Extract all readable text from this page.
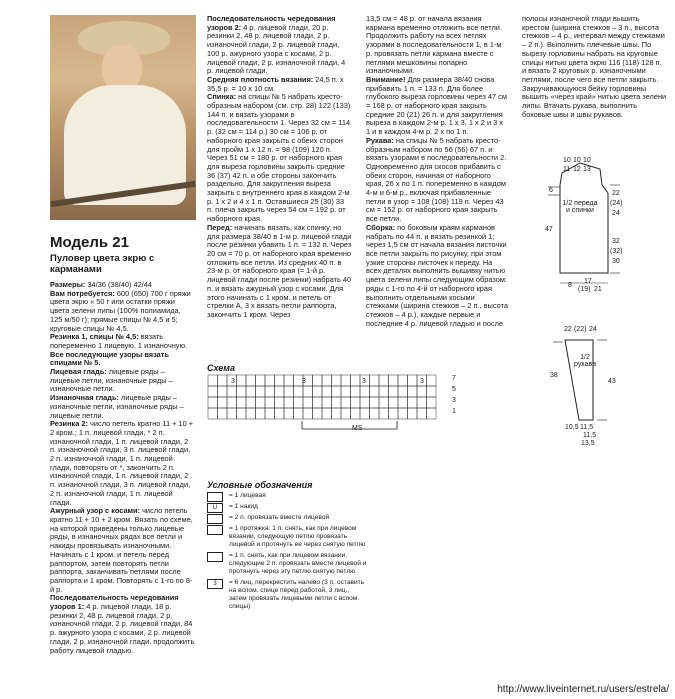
Модель 21
Пуловер цвета экрю с карманами

Размеры: 34/36 (38/40) 42/44

Вам потребуется: 600 (650) 700 г пряжи цвета экрю « 50 г или остатки пряжи цвета зелени липы (100% полиамида, 125 м/50 г); прямые спицы № 4,5 и 5; круговые спицы № 4,5.

Резинка 1, спицы № 4,5: вязать попеременно 1 лицевую, 1 изнаночную.

Все последующие узоры вязать спицами № 5.

Лицевая гладь: лицевые ряды – лицевые петли, изнаночные ряды – изнаночные петли.

Изнаночная гладь: лицевые ряды – изнаночные петли, изнаночные ряды – лицевые петли.

Резинка 2: число петель кратно 11 + 10 + 2 кром.; 1 п. лицевой глади, * 2 п. изнаночной глади, 1 п. лицевой глади, 2 п. изнаночной глади, 3 п. лицевой глади, 2 п. изнаночной глади, 1 п. лицевой глади, повторять от *, закончить 2 п. изнаночной глади, 1 п. лицевой глади, 2 п. изнаночной глади, 3 п. лицевой глади, 2 п. изнаночной глади, 1 п. лицевой глади.

Ажурный узор с косами: число петель кратно 11 + 10 + 2 кром. Вязать по схеме, на которой приведены только лицевые ряды, в изнаночных рядах все петли и накиды провязывать изнаночными. Начинать с 1 кром. и петель перед раппортом, затем повторять петли раппорта, заканчивать петлями после раппорта и 1 кром. Повторять с 1-го по 8-й р.

Последовательность чередования узоров 1: 4 р. лицевой глади, 18 р. резинки 2, 48 р. лицевой глади, 2 р. изнаночной глади, 2 р. лицевой глади, 84 р. ажурного узора с косами, 2 р. лицевой глади, 2 р. изнаночной глади, продолжить работу лицевой гладью.

Последовательность чередования узоров 2: 4 р. лицевой глади, 20 р. резинки 2, 48 р. лицевой глади, 2 р. изнаночной глади, 2 р. лицевой глади, 100 р. ажурного узора с косами, 2 р. лицевой глади, 2 р. изнаночной глади, 4 р. лицевой глади.

Средняя плотность вязания: 24,5 п. x 35,5 р. = 10 x 10 см.

Спинка: на спицы № 5 набрать кресто-образным набором (см. стр. 28) 122 (133) 144 п. и вязать узорами в последовательности 1. Через 32 см = 114 р. (32 см = 114 р.) 30 см = 106 р. от наборного края закрыть с обеих сторон для пройм 1 x 12 п. = 98 (109) 120 п. Через 51 см = 180 р. от наборного края для выреза горловины закрыть средние 36 (37) 42 п. и обе стороны закончить раздельно. Для закругления выреза закрыть с внутреннего края в каждом 2-м р. 1 x 2 и 4 x 1 п. Оставшиеся 25 (30) 33 п. плеча закрыть через 54 см = 192 р. от наборного края.

Перед: начинать вязать, как спинку, но для размера 38/40 в 1-м р. лицевой глади после резинки убавить 1 п. = 132 п. Через 20 см = 70 р. от наборного края временно отложить все петли. Из средних 40 п. в 23-м р. от наборного края (= 1-й р. лицевой глади после резинки) набрать 40 п. и вязать ажурный узор с косами. Для этого начинать с 1 кром. и петель от стрелки А, 3 х вязать петли раппорта, закончить 1 кром. Через

13,5 см = 48 р. от начала вязания кармана временно отложить все петли. Продолжить работу на всех петлях узорами в последовательности 1, в 1-м р. провязать петли кармана вместе с петлями мешковины попарно изнаночными.

Внимание! Для размера 38/40 снова прибавить 1 п. = 133 п. Для более глубокого выреза горловины через 47 см = 168 р. от наборного края закрыть средние 20 (21) 26 п. и для закругления выреза в каждом 2-м р. 1 x 3, 1 x 2 и 3 x 1 и в каждом 4-м р. 2 x по 1 п.

Рукава: на спицы № 5 набрать кресто-образным набором по 56 (56) 67 п. и вязать узорами в последовательности 2. Одновременно для скосов прибавить с обеих сторон, начиная от наборного края, 26 x по 1 п. попеременно в каждом 4-м и 6-м р., включая прибавленные петли в узор = 108 (108) 119 п. Через 43 см = 152 р. от наборного края закрыть все петли.

Сборка: по боковым краям карманов набрать по 44 п. и вязать резинкой 1; через 1,5 см от начала вязания листочки все петли закрыть по рисунку, при этом узкие стороны листочек к переду. На всех деталях выполнить вышивку нитью цвета зелени липы следующим образом: ряды с 1-го по 4-й от наборного края выполнить отдельными косыми стежками (ширина стежков – 2 п., высота стежков – 4 р.), каждые первые и последние 4 р. лицевой гладью и после

полосы изнаночной глади вышить крестом (ширина стежков – 3 п., высота стежков – 4 р., интервал между стежками – 2 п.). Выполнить плечевые швы. По вырезу горловины набрать на круговые спицы нитью цвета экрю 116 (118) 128 п. и вязать 2 круговых р. изнаночными петлями, после чего все петли закрыть. Закручивающуюся бейку горловины вышить «через край» нитью цвета зелени липы. Втачать рукава, выполнить боковые швы и швы рукавов.

Схема
7
5
3
1
MS
3	3	3	3
Условные обозначения
= 1 лицевая
U	= 1 накид
= 2 п. провязать вместе лицевой
= 1 протяжка: 1 п. снять, как при лицевом вязании, следующую петлю провязать лицевой и протянуть ее через снятую петлю
= 1 п. снять, как при лицевом вязании, следующие 2 п. провязать вместе лицевой и протянуть через эту петлю снятую петлю
3	= 6 лиц. перекрестить налево (3 п. оставить на вспом. спице перед работой, 3 лиц., затем провязать лицевыми петли с вспом. спицы)
1/2 переда и спинки
10 10 10
11 12 13
22
(24)
24
32
(32)
30
47
6
8
17
(19) 21
1/2 рукава
22 (22) 24
38
43
10,5 11,5
11,5
13,5
http://www.liveinternet.ru/users/estrela/
